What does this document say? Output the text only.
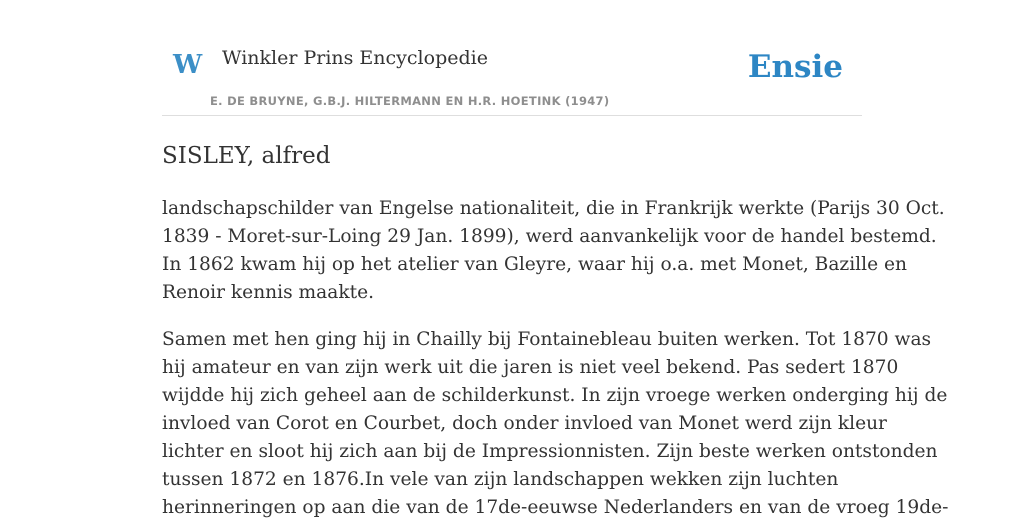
W Winkler Prins Encyclopedie
E. DE BRUYNE, G.B.J. HILTERMANN EN H.R. HOETINK (1947)
Ensie
SISLEY, alfred

landschapschilder van Engelse nationaliteit, die in Frankrijk werkte (Parijs 30 Oct.
1839 - Moret-sur-Loing 29 Jan. 1899), werd aanvankelijk voor de handel bestemd.
In 1862 kwam hij op het atelier van Gleyre, waar hij o.a. met Monet, Bazille en
Renoir kennis maakte.

Samen met hen ging hij in Chailly bij Fontainebleau buiten werken. Tot 1870 was
hij amateur en van zijn werk uit die jaren is niet veel bekend. Pas sedert 1870
wijdde hij zich geheel aan de schilderkunst. In zijn vroege werken onderging hij de
invloed van Corot en Courbet, doch onder invloed van Monet werd zijn kleur
lichter en sloot hij zich aan bij de Impressionnisten. Zijn beste werken ontstonden
tussen 1872 en 1876.In vele van zijn landschappen wekken zijn luchten
herinneringen op aan die van de 17de-eeuwse Nederlanders en van de vroeg 19de-
